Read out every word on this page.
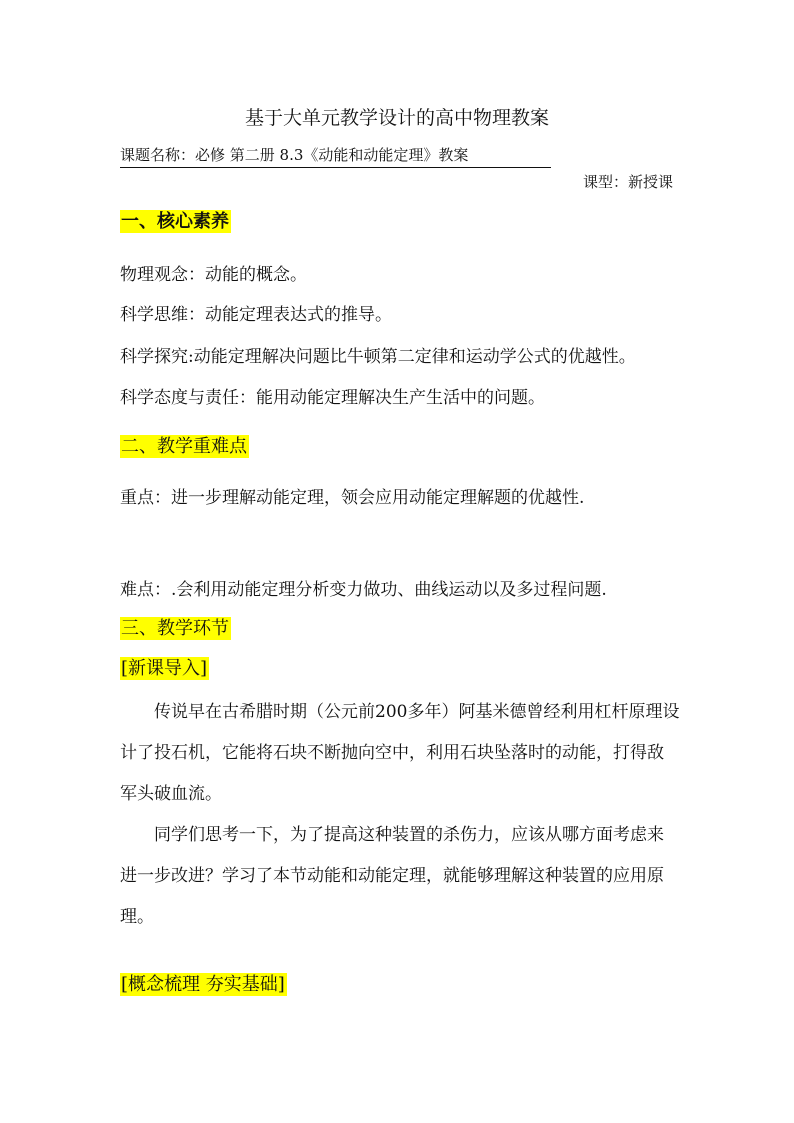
基于大单元教学设计的高中物理教案
课题名称：必修 第二册 8.3《动能和动能定理》教案
课型：新授课
一、核心素养
物理观念：动能的概念。
科学思维：动能定理表达式的推导。
科学探究:动能定理解决问题比牛顿第二定律和运动学公式的优越性。
科学态度与责任：能用动能定理解决生产生活中的问题。
二、教学重难点
重点：进一步理解动能定理，领会应用动能定理解题的优越性.
难点：.会利用动能定理分析变力做功、曲线运动以及多过程问题.
三、教学环节
[新课导入]
传说早在古希腊时期（公元前200多年）阿基米德曾经利用杠杆原理设计了投石机，它能将石块不断抛向空中，利用石块坠落时的动能，打得敌军头破血流。
同学们思考一下，为了提高这种装置的杀伤力，应该从哪方面考虑来进一步改进？学习了本节动能和动能定理，就能够理解这种装置的应用原理。
[概念梳理 夯实基础]
